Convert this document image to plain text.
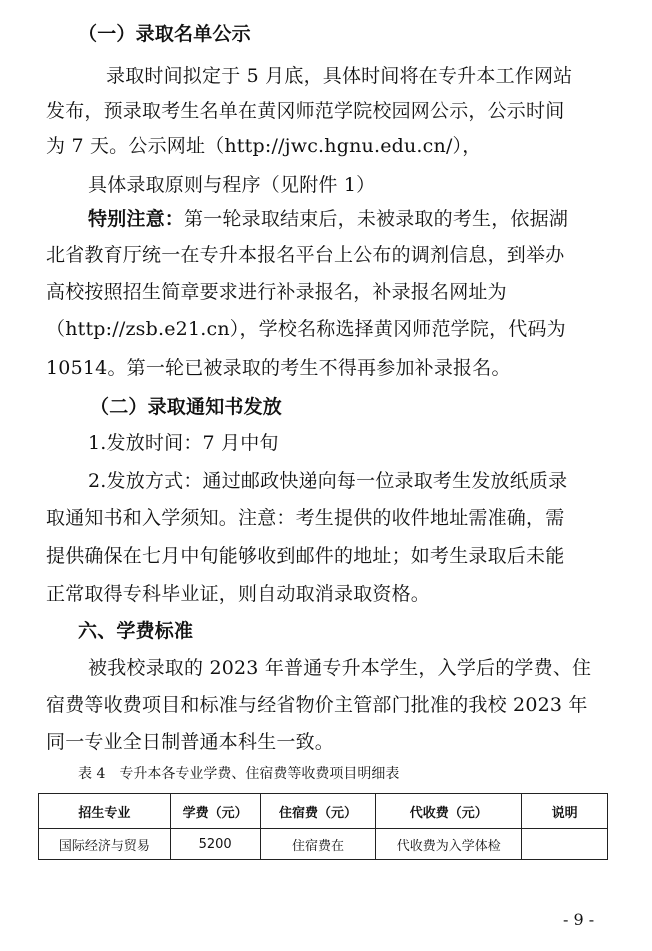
（一）录取名单公示
录取时间拟定于 5 月底，具体时间将在专升本工作网站
发布，预录取考生名单在黄冈师范学院校园网公示，公示时间
为 7 天。公示网址（http://jwc.hgnu.edu.cn/），
具体录取原则与程序（见附件 1）
特别注意：第一轮录取结束后，未被录取的考生，依据湖
北省教育厅统一在专升本报名平台上公布的调剂信息，到举办
高校按照招生简章要求进行补录报名，补录报名网址为
（http://zsb.e21.cn），学校名称选择黄冈师范学院，代码为
10514。第一轮已被录取的考生不得再参加补录报名。
（二）录取通知书发放
1.发放时间：7 月中旬
2.发放方式：通过邮政快递向每一位录取考生发放纸质录
取通知书和入学须知。注意：考生提供的收件地址需准确，需
提供确保在七月中旬能够收到邮件的地址；如考生录取后未能
正常取得专科毕业证，则自动取消录取资格。
六、学费标准
被我校录取的 2023 年普通专升本学生，入学后的学费、住
宿费等收费项目和标准与经省物价主管部门批准的我校 2023 年
同一专业全日制普通本科生一致。
表 4　专升本各专业学费、住宿费等收费项目明细表
招生专业	学费（元）	住宿费（元）	代收费（元）	说明
国际经济与贸易	5200	住宿费在	代收费为入学体检	
- 9 -
